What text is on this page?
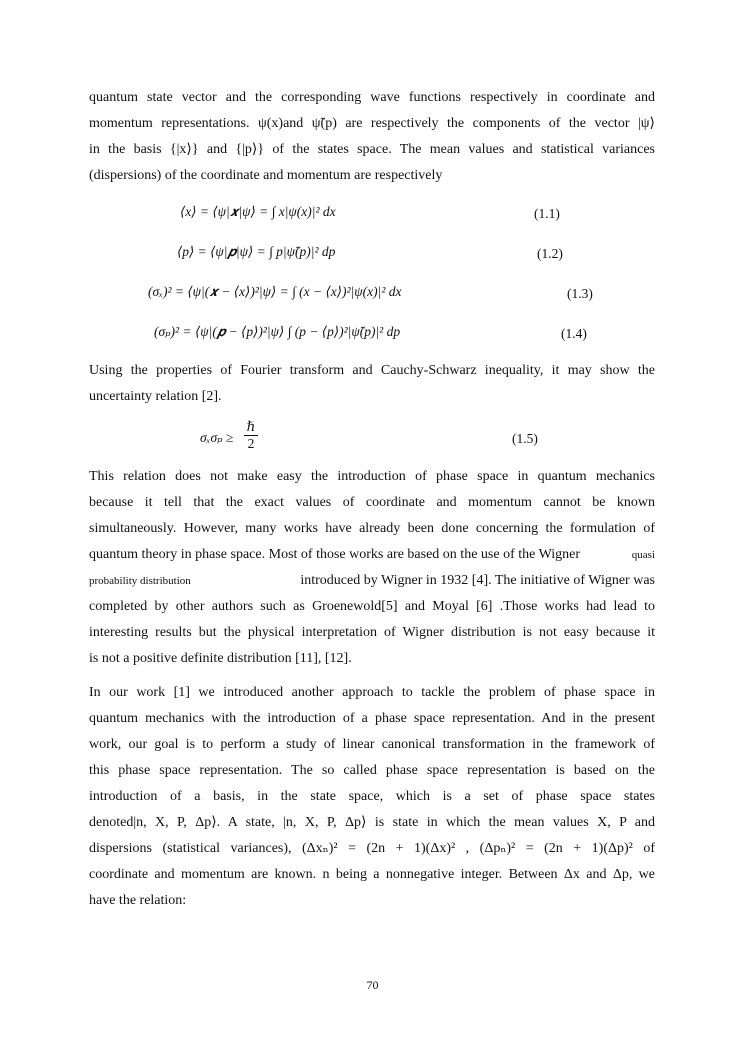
quantum state vector and the corresponding wave functions respectively in coordinate and
momentum representations. ψ(x)and ψ̃(p) are respectively the components of the vector |ψ⟩
in the basis {|x⟩} and {|p⟩} of the states space. The mean values and statistical variances
(dispersions) of the coordinate and momentum are respectively
⟨x⟩ = ⟨ψ|𝒙|ψ⟩ = ∫ x|ψ(x)|² dx	(1.1)
⟨p⟩ = ⟨ψ|𝒑|ψ⟩ = ∫ p|ψ̃(p)|² dp	(1.2)
(σₓ)² = ⟨ψ|(𝒙 − ⟨x⟩)²|ψ⟩ = ∫ (x − ⟨x⟩)²|ψ(x)|² dx	(1.3)
(σₚ)² = ⟨ψ|(𝒑 − ⟨p⟩)²|ψ⟩ ∫ (p − ⟨p⟩)²|ψ̃(p)|² dp	(1.4)
Using the properties of Fourier transform and Cauchy-Schwarz inequality, it may show the
uncertainty relation [2].
σₓσₚ ≥
ℏ
2	(1.5)
This relation does not make easy the introduction of phase space in quantum mechanics
because it tell that the exact values of coordinate and momentum cannot be known
simultaneously. However, many works have already been done concerning the formulation of
quantum theory in phase space. Most of those works are based on the use of the Wigner	quasi
probability distribution	introduced by Wigner in 1932 [4]. The initiative of Wigner was
completed by other authors such as Groenewold[5] and Moyal [6] .Those works had lead to
interesting results but the physical interpretation of Wigner distribution is not easy because it
is not a positive definite distribution [11], [12].
In our work [1] we introduced another approach to tackle the problem of phase space in
quantum mechanics with the introduction of a phase space representation. And in the present
work, our goal is to perform a study of linear canonical transformation in the framework of
this phase space representation. The so called phase space representation is based on the
introduction of a basis, in the state space, which is a set of phase space states
denoted|n, X, P, Δp⟩. A state, |n, X, P, Δp⟩ is state in which the mean values X, P and
dispersions (statistical variances), (Δxₙ)² = (2n + 1)(Δx)² , (Δpₙ)² = (2n + 1)(Δp)² of
coordinate and momentum are known. n being a nonnegative integer. Between Δx and Δp, we
have the relation:
70
